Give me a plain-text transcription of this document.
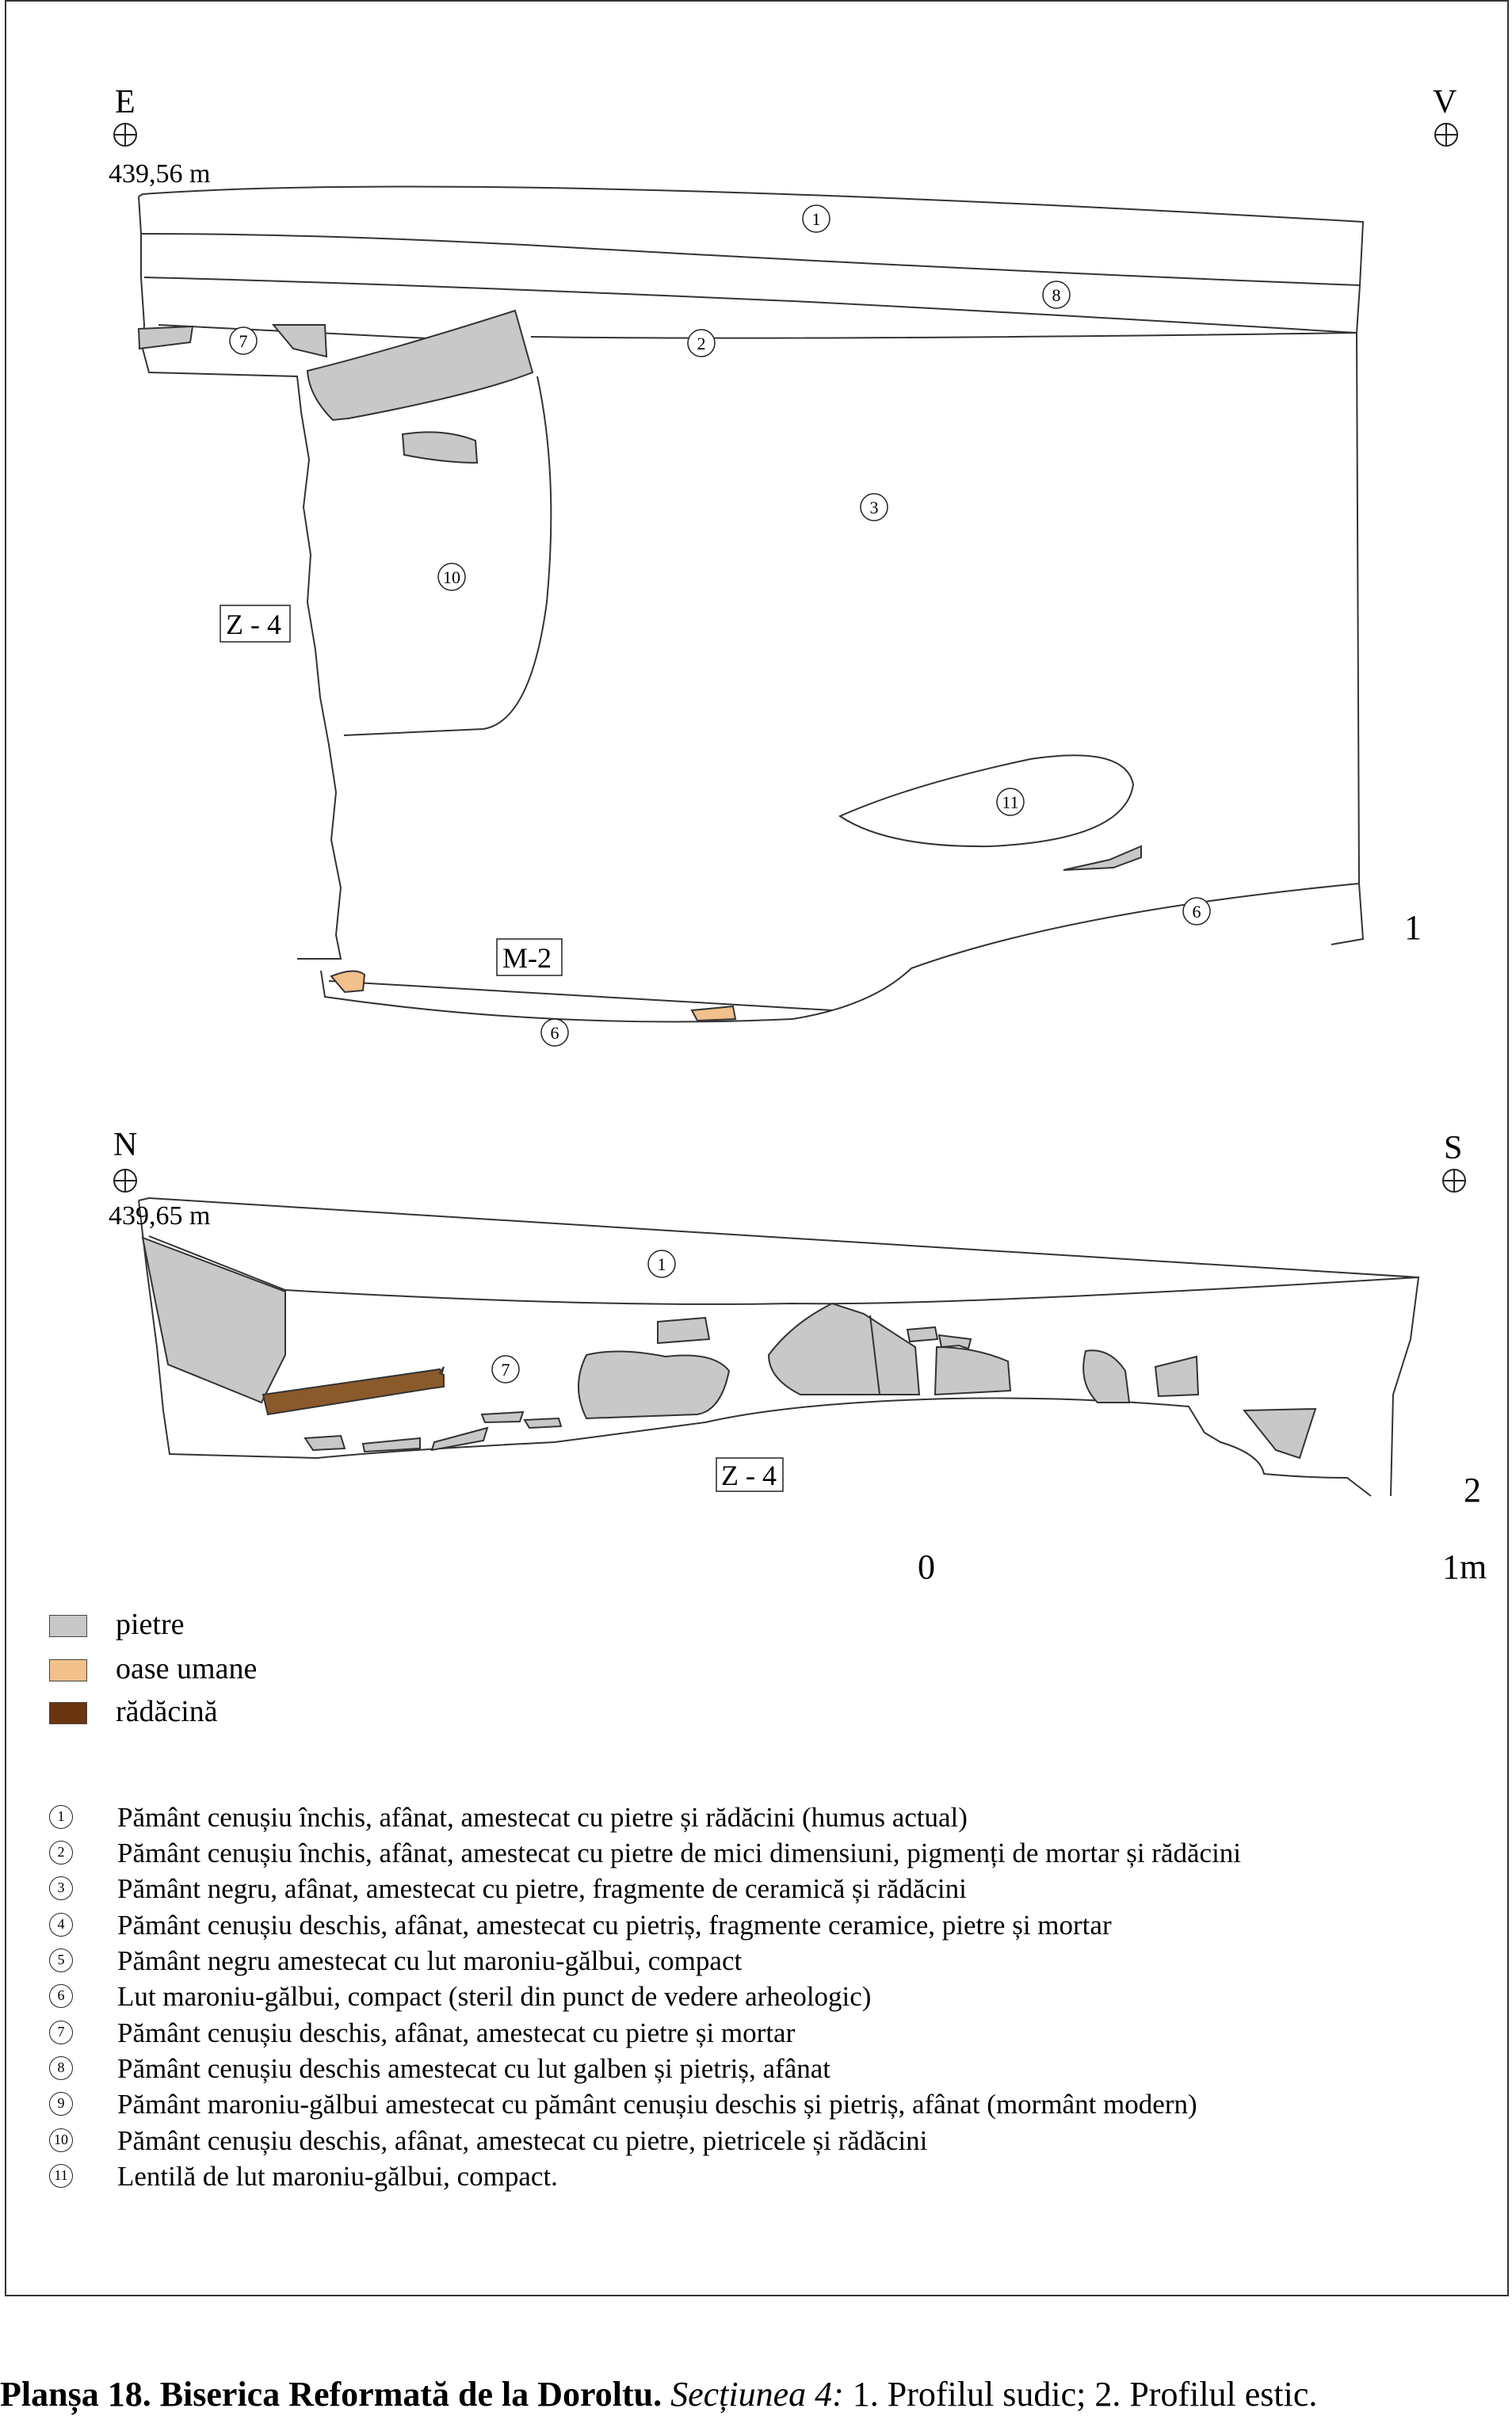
E	V
439,56 m
N	S
439,65 m
Z - 4
M-2
Z - 4
1
2
1
8
7	2
3
10
11
6
6
1
7
0	1m
pietre
oase umane
rădăcină
1	Pământ cenușiu închis, afânat, amestecat cu pietre și rădăcini (humus actual)
2	Pământ cenușiu închis, afânat, amestecat cu pietre de mici dimensiuni, pigmenți de mortar și rădăcini
3	Pământ negru, afânat, amestecat cu pietre, fragmente de ceramică și rădăcini
4	Pământ cenușiu deschis, afânat, amestecat cu pietriș, fragmente ceramice, pietre și mortar
5	Pământ negru amestecat cu lut maroniu-gălbui, compact
6	Lut maroniu-gălbui, compact (steril din punct de vedere arheologic)
7	Pământ cenușiu deschis, afânat, amestecat cu pietre și mortar
8	Pământ cenușiu deschis amestecat cu lut galben și pietriș, afânat
9	Pământ maroniu-gălbui amestecat cu pământ cenușiu deschis și pietriș, afânat (mormânt modern)
10 Pământ cenușiu deschis, afânat, amestecat cu pietre, pietricele și rădăcini
11 Lentilă de lut maroniu-gălbui, compact.
Planșa 18. Biserica Reformată de la Doroltu. Secțiunea 4: 1. Profilul sudic; 2. Profilul estic.
